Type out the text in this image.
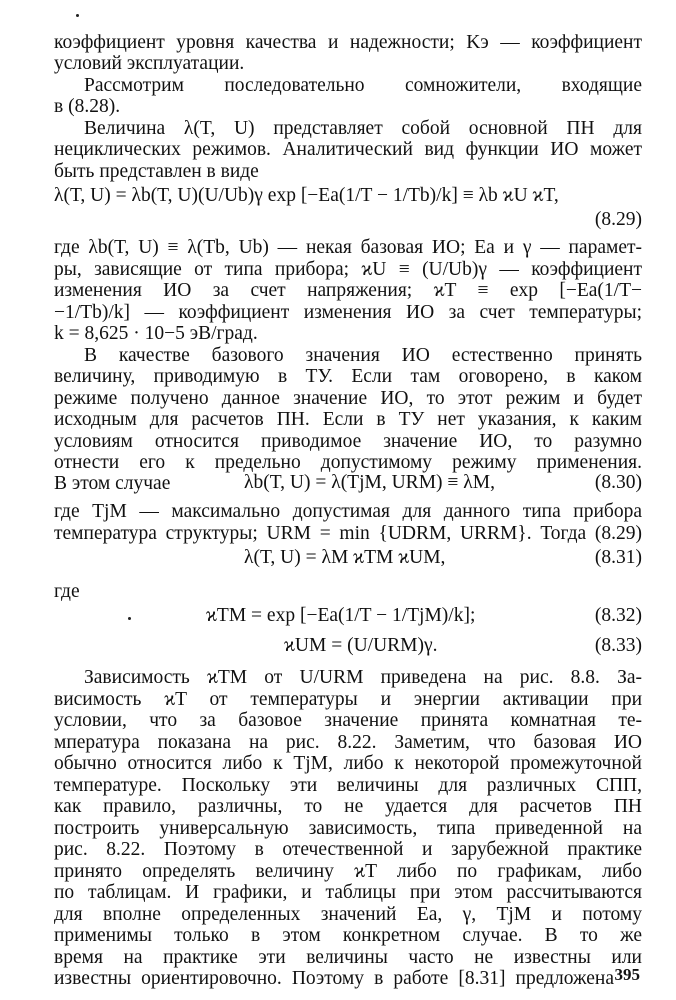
коэффициент уровня качества и надежности; Kэ — коэффициент
условий эксплуатации.
Рассмотрим последовательно сомножители, входящие
в (8.28).
Величина λ(T, U) представляет собой основной ПН для
нециклических режимов. Аналитический вид функции ИО может
быть представлен в виде
λ(T, U) = λb(T, U)(U/Ub)γ exp [−Ea(1/T − 1/Tb)/k] ≡ λb ϰU ϰT,
(8.29)
где λb(T, U) ≡ λ(Tb, Ub) — некая базовая ИО; Ea и γ — парамет-
ры, зависящие от типа прибора; ϰU ≡ (U/Ub)γ — коэффициент
изменения ИО за счет напряжения; ϰT ≡ exp [−Ea(1/T−
−1/Tb)/k] — коэффициент изменения ИО за счет температуры;
k = 8,625 · 10−5 эВ/град.
В качестве базового значения ИО естественно принять
величину, приводимую в ТУ. Если там оговорено, в каком
режиме получено данное значение ИО, то этот режим и будет
исходным для расчетов ПН. Если в ТУ нет указания, к каким
условиям относится приводимое значение ИО, то разумно
отнести его к предельно допустимому режиму применения.
В этом случае	λb(T, U) = λ(TjM, URM) ≡ λM,	(8.30)
где TjM — максимально допустимая для данного типа прибора
температура структуры; URM = min {UDRM, URRM}. Тогда (8.29)
λ(T, U) = λM ϰTM ϰUM,	(8.31)
где
ϰTM = exp [−Ea(1/T − 1/TjM)/k];	(8.32)
ϰUM = (U/URM)γ.	(8.33)
Зависимость ϰTM от U/URM приведена на рис. 8.8. За-
висимость ϰT от температуры и энергии активации при
условии, что за базовое значение принята комнатная те-
мпература показана на рис. 8.22. Заметим, что базовая ИО
обычно относится либо к TjM, либо к некоторой промежуточной
температуре. Поскольку эти величины для различных СПП,
как правило, различны, то не удается для расчетов ПН
построить универсальную зависимость, типа приведенной на
рис. 8.22. Поэтому в отечественной и зарубежной практике
принято определять величину ϰT либо по графикам, либо
по таблицам. И графики, и таблицы при этом рассчитываются
для вполне определенных значений Ea, γ, TjM и потому
применимы только в этом конкретном случае. В то же
время на практике эти величины часто не известны или
известны ориентировочно. Поэтому в работе [8.31] предложена 395
